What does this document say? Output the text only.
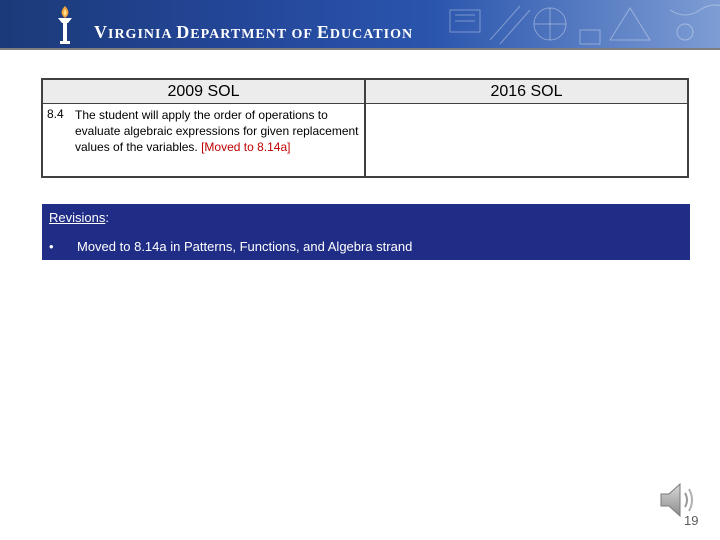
VIRGINIA DEPARTMENT OF EDUCATION
2009 SOL	2016 SOL
8.4 The student will apply the order of operations to evaluate algebraic expressions for given replacement values of the variables. [Moved to 8.14a]
Revisions:
• Moved to 8.14a in Patterns, Functions, and Algebra strand
19
